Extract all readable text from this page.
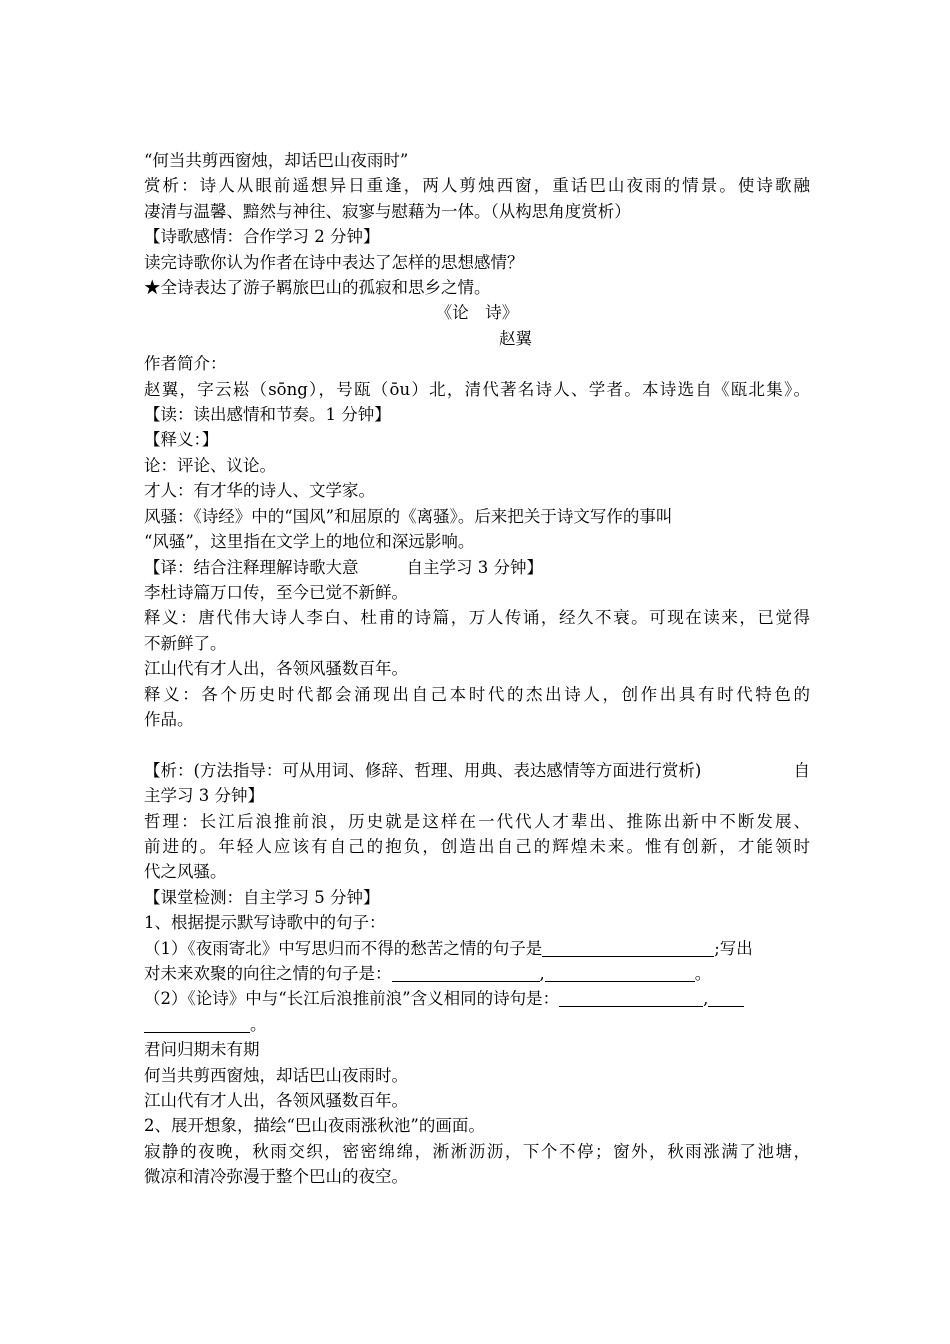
“何当共剪西窗烛，却话巴山夜雨时”
赏析：诗人从眼前遥想异日重逢，两人剪烛西窗，重话巴山夜雨的情景。使诗歌融
凄清与温馨、黯然与神往、寂寥与慰藉为一体。（从构思角度赏析）
【诗歌感情：合作学习 2 分钟】
读完诗歌你认为作者在诗中表达了怎样的思想感情？
★全诗表达了游子羁旅巴山的孤寂和思乡之情。
《论　诗》
赵翼
作者简介：
赵翼，字云崧（sōng），号瓯（ōu）北，清代著名诗人、学者。本诗选自《瓯北集》。
【读：读出感情和节奏。1 分钟】
【释义：】
论：评论、议论。
才人：有才华的诗人、文学家。
风骚：《诗经》中的“国风”和屈原的《离骚》。后来把关于诗文写作的事叫
“风骚”，这里指在文学上的地位和深远影响。
【译：结合注释理解诗歌大意	自主学习 3 分钟】
李杜诗篇万口传，至今已觉不新鲜。
释义：唐代伟大诗人李白、杜甫的诗篇，万人传诵，经久不衰。可现在读来，已觉得
不新鲜了。
江山代有才人出，各领风骚数百年。
释义：各个历史时代都会涌现出自己本时代的杰出诗人，创作出具有时代特色的
作品。
【析：(方法指导：可从用词、修辞、哲理、用典、表达感情等方面进行赏析)	自
主学习 3 分钟】
哲理：长江后浪推前浪，历史就是这样在一代代人才辈出、推陈出新中不断发展、
前进的。年轻人应该有自己的抱负，创造出自己的辉煌未来。惟有创新，才能领时
代之风骚。
【课堂检测：自主学习 5 分钟】
1、根据提示默写诗歌中的句子：
（1）《夜雨寄北》中写思归而不得的愁苦之情的句子是	;写出
对未来欢聚的向往之情的句子是：	,	。
（2）《论诗》中与“长江后浪推前浪”含义相同的诗句是：	,
。
君问归期未有期
何当共剪西窗烛，却话巴山夜雨时。
江山代有才人出，各领风骚数百年。
2、展开想象，描绘“巴山夜雨涨秋池”的画面。
寂静的夜晚，秋雨交织，密密绵绵，淅淅沥沥，下个不停；窗外，秋雨涨满了池塘，
微凉和清冷弥漫于整个巴山的夜空。
